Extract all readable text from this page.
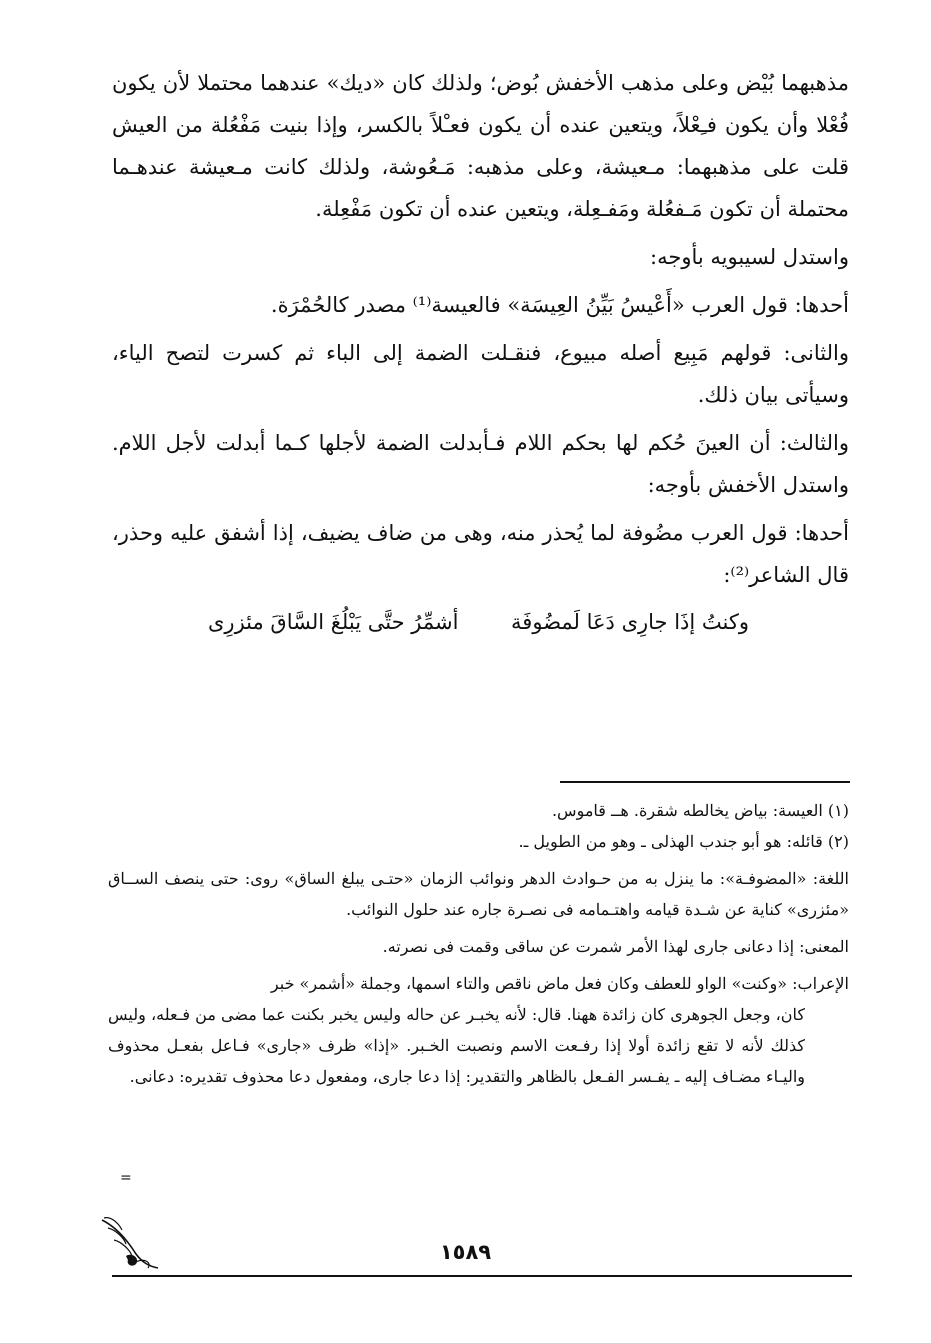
مذهبهما بُيْض وعلى مذهب الأخفش بُوض؛ ولذلك كان «ديك» عندهما محتملا لأن يكون فُعْلا وأن يكون فـِعْلاً، ويتعين عنده أن يكون فعـْلاً بالكسر، وإذا بنيت مَفْعُلة من العيش قلت على مذهبهما: مـعيشة، وعلى مذهبه: مَـعُوشة، ولذلك كانت مـعيشة عندهـما محتملة أن تكون مَـفعُلة ومَفـعِلة، ويتعين عنده أن تكون مَفْعِلة.

واستدل لسيبويه بأوجه:

أحدها: قول العرب «أَعْيسُ بَيِّنُ العِيسَة» فالعيسة⁽¹⁾ مصدر كالحُمْرَة.

والثانى: قولهم مَبِيع أصله مبيوع، فنقـلت الضمة إلى الباء ثم كسرت لتصح الياء، وسيأتى بيان ذلك.

والثالث: أن العينَ حُكم لها بحكم اللام فـأبدلت الضمة لأجلها كـما أبدلت لأجل اللام. واستدل الأخفش بأوجه:

أحدها: قول العرب مضُوفة لما يُحذر منه، وهى من ضاف يضيف، إذا أشفق عليه وحذر، قال الشاعر⁽²⁾:

وكنتُ إذَا جارِى دَعَا لَمضُوفَة
أشمِّرُ حتَّى يَبْلُغَ السَّاقَ مئزرِى

(١) العيسة: بياض يخالطه شقرة. هــ قاموس.

(٢) قائله: هو أبو جندب الهذلى ـ وهو من الطويل ـ.

اللغة: «المضوفـة»: ما ينزل به من حـوادث الدهر ونوائب الزمان «حتـى يبلغ الساق» روى: حتى ينصف الســاق «مئزرى» كناية عن شـدة قيامه واهتـمامه فى نصـرة جاره عند حلول النوائب.

المعنى: إذا دعانى جارى لهذا الأمر شمرت عن ساقى وقمت فى نصرته.

الإعراب: «وكنت» الواو للعطف وكان فعل ماض ناقص والتاء اسمها، وجملة «أشمر» خبر

كان، وجعل الجوهرى كان زائدة ههنا. قال: لأنه يخبـر عن حاله وليس يخبر بكنت عما مضى من فـعله، وليس كذلك لأنه لا تقع زائدة أولا إذا رفـعت الاسم ونصبت الخـبر. «إذا» ظرف «جارى» فـاعل بفعـل محذوف واليـاء مضـاف إليه ـ يفـسر الفـعل بالظاهر والتقدير: إذا دعا جارى، ومفعول دعا محذوف تقديره: دعانى.

=
١٥٨٩
